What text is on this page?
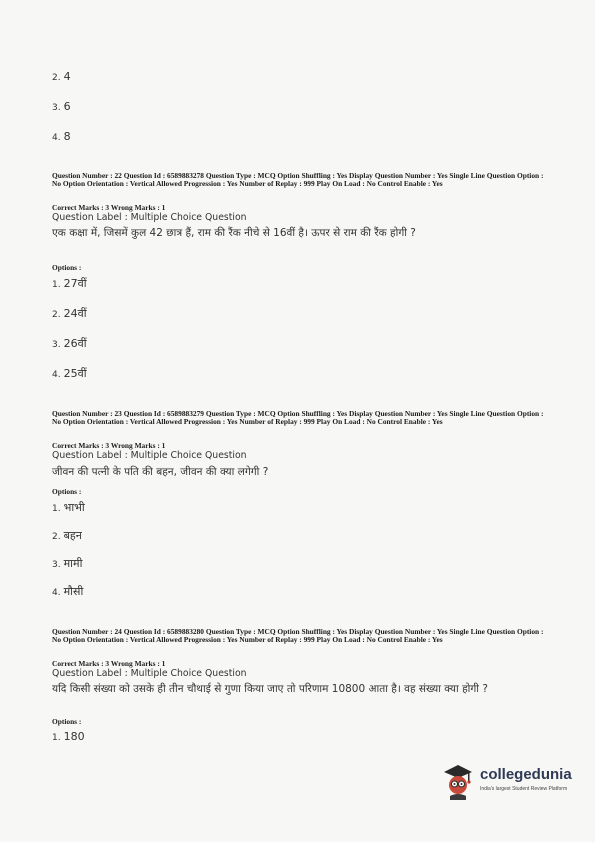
2. 4
3. 6
4. 8
Question Number : 22 Question Id : 6589883278 Question Type : MCQ Option Shuffling : Yes Display Question Number : Yes Single Line Question Option : No Option Orientation : Vertical Allowed Progression : Yes Number of Replay : 999 Play On Load : No Control Enable : Yes
Correct Marks : 3 Wrong Marks : 1
Question Label : Multiple Choice Question
एक कक्षा में, जिसमें कुल 42 छात्र हैं, राम की रैंक नीचे से 16वीं है। ऊपर से राम की रैंक होगी ?
Options :
1. 27वीं
2. 24वीं
3. 26वीं
4. 25वीं
Question Number : 23 Question Id : 6589883279 Question Type : MCQ Option Shuffling : Yes Display Question Number : Yes Single Line Question Option : No Option Orientation : Vertical Allowed Progression : Yes Number of Replay : 999 Play On Load : No Control Enable : Yes
Correct Marks : 3 Wrong Marks : 1
Question Label : Multiple Choice Question
जीवन की पत्नी के पति की बहन, जीवन की क्या लगेगी ?
Options :
1. भाभी
2. बहन
3. मामी
4. मौसी
Question Number : 24 Question Id : 6589883280 Question Type : MCQ Option Shuffling : Yes Display Question Number : Yes Single Line Question Option : No Option Orientation : Vertical Allowed Progression : Yes Number of Replay : 999 Play On Load : No Control Enable : Yes
Correct Marks : 3 Wrong Marks : 1
Question Label : Multiple Choice Question
यदि किसी संख्या को उसके ही तीन चौथाई से गुणा किया जाए तो परिणाम 10800 आता है। वह संख्या क्या होगी ?
Options :
1. 180
collegedunia
India's largest Student Review Platform
